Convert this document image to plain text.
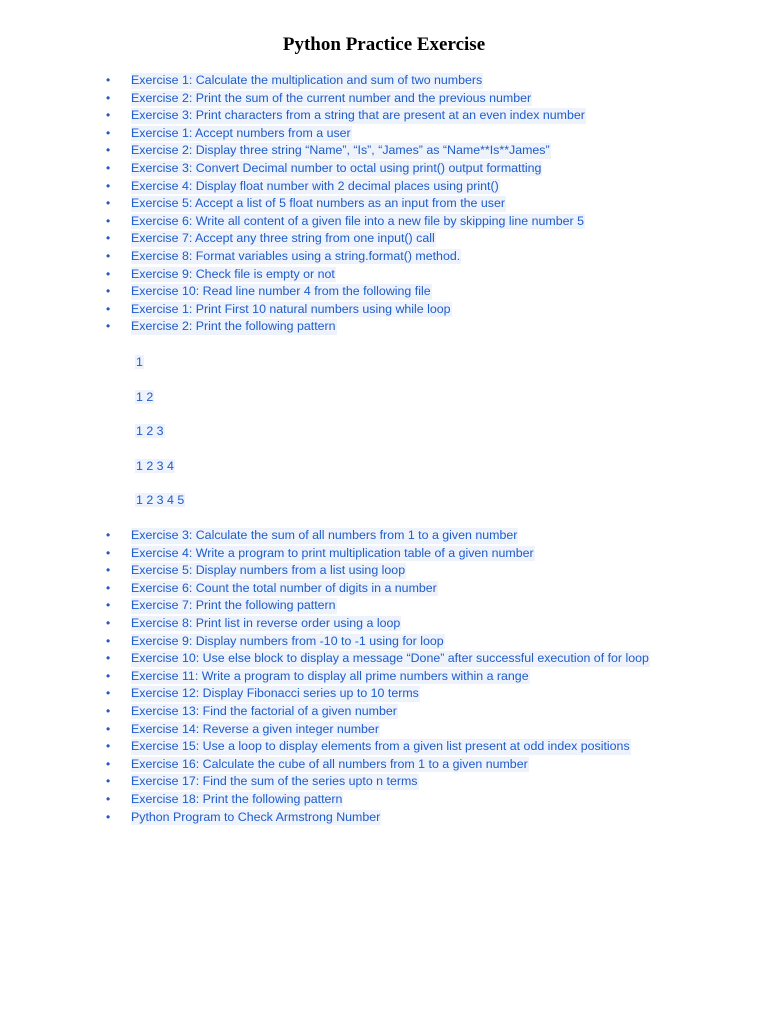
Python Practice Exercise
•	Exercise 1: Calculate the multiplication and sum of two numbers
•	Exercise 2: Print the sum of the current number and the previous number
•	Exercise 3: Print characters from a string that are present at an even index number
•	Exercise 1: Accept numbers from a user
•	Exercise 2: Display three string “Name”, “Is”, “James” as “Name**Is**James”
•	Exercise 3: Convert Decimal number to octal using print() output formatting
•	Exercise 4: Display float number with 2 decimal places using print()
•	Exercise 5: Accept a list of 5 float numbers as an input from the user
•	Exercise 6: Write all content of a given file into a new file by skipping line number 5
•	Exercise 7: Accept any three string from one input() call
•	Exercise 8: Format variables using a string.format() method.
•	Exercise 9: Check file is empty or not
•	Exercise 10: Read line number 4 from the following file
•	Exercise 1: Print First 10 natural numbers using while loop
•	Exercise 2: Print the following pattern
1
1 2
1 2 3
1 2 3 4
1 2 3 4 5
•	Exercise 3: Calculate the sum of all numbers from 1 to a given number
•	Exercise 4: Write a program to print multiplication table of a given number
•	Exercise 5: Display numbers from a list using loop
•	Exercise 6: Count the total number of digits in a number
•	Exercise 7: Print the following pattern
•	Exercise 8: Print list in reverse order using a loop
•	Exercise 9: Display numbers from -10 to -1 using for loop
•	Exercise 10: Use else block to display a message “Done” after successful execution of for loop
•	Exercise 11: Write a program to display all prime numbers within a range
•	Exercise 12: Display Fibonacci series up to 10 terms
•	Exercise 13: Find the factorial of a given number
•	Exercise 14: Reverse a given integer number
•	Exercise 15: Use a loop to display elements from a given list present at odd index positions
•	Exercise 16: Calculate the cube of all numbers from 1 to a given number
•	Exercise 17: Find the sum of the series upto n terms
•	Exercise 18: Print the following pattern
•	Python Program to Check Armstrong Number
